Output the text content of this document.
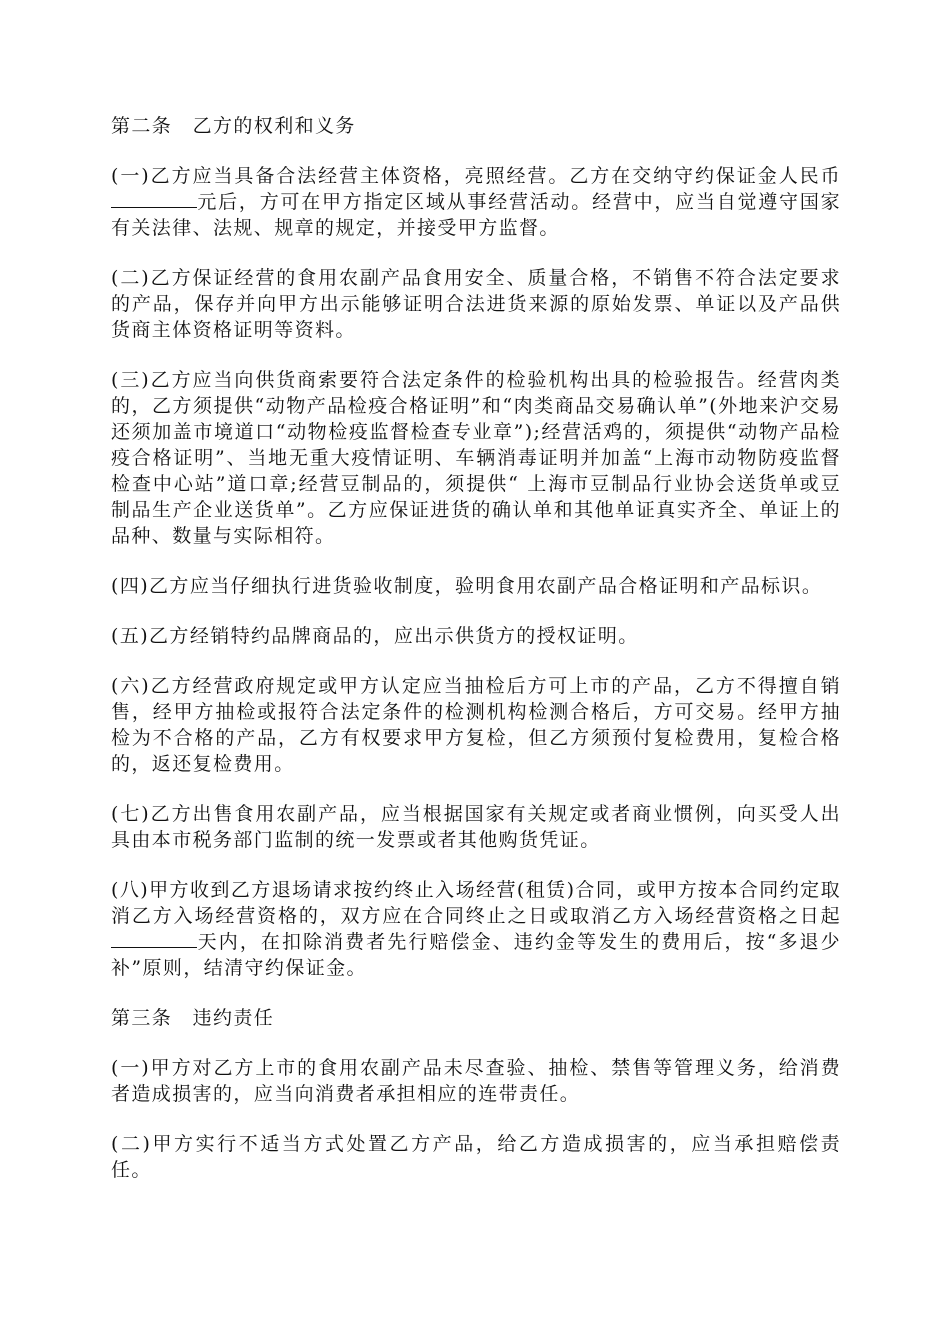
第二条　乙方的权利和义务

(一)乙方应当具备合法经营主体资格，亮照经营。乙方在交纳守约保证金人民币元后，方可在甲方指定区域从事经营活动。经营中，应当自觉遵守国家有关法律、法规、规章的规定，并接受甲方监督。

(二)乙方保证经营的食用农副产品食用安全、质量合格，不销售不符合法定要求的产品，保存并向甲方出示能够证明合法进货来源的原始发票、单证以及产品供货商主体资格证明等资料。

(三)乙方应当向供货商索要符合法定条件的检验机构出具的检验报告。经营肉类的，乙方须提供“动物产品检疫合格证明”和“肉类商品交易确认单”(外地来沪交易还须加盖市境道口“动物检疫监督检查专业章”);经营活鸡的，须提供“动物产品检疫合格证明”、当地无重大疫情证明、车辆消毒证明并加盖“上海市动物防疫监督检查中心站”道口章;经营豆制品的，须提供“ 上海市豆制品行业协会送货单或豆制品生产企业送货单”。乙方应保证进货的确认单和其他单证真实齐全、单证上的品种、数量与实际相符。

(四)乙方应当仔细执行进货验收制度，验明食用农副产品合格证明和产品标识。

(五)乙方经销特约品牌商品的，应出示供货方的授权证明。

(六)乙方经营政府规定或甲方认定应当抽检后方可上市的产品，乙方不得擅自销售，经甲方抽检或报符合法定条件的检测机构检测合格后，方可交易。经甲方抽检为不合格的产品，乙方有权要求甲方复检，但乙方须预付复检费用，复检合格的，返还复检费用。

(七)乙方出售食用农副产品，应当根据国家有关规定或者商业惯例，向买受人出具由本市税务部门监制的统一发票或者其他购货凭证。

(八)甲方收到乙方退场请求按约终止入场经营(租赁)合同，或甲方按本合同约定取消乙方入场经营资格的，双方应在合同终止之日或取消乙方入场经营资格之日起天内，在扣除消费者先行赔偿金、违约金等发生的费用后，按“多退少补”原则，结清守约保证金。

第三条　违约责任

(一)甲方对乙方上市的食用农副产品未尽查验、抽检、禁售等管理义务，给消费者造成损害的，应当向消费者承担相应的连带责任。

(二)甲方实行不适当方式处置乙方产品，给乙方造成损害的，应当承担赔偿责任。
